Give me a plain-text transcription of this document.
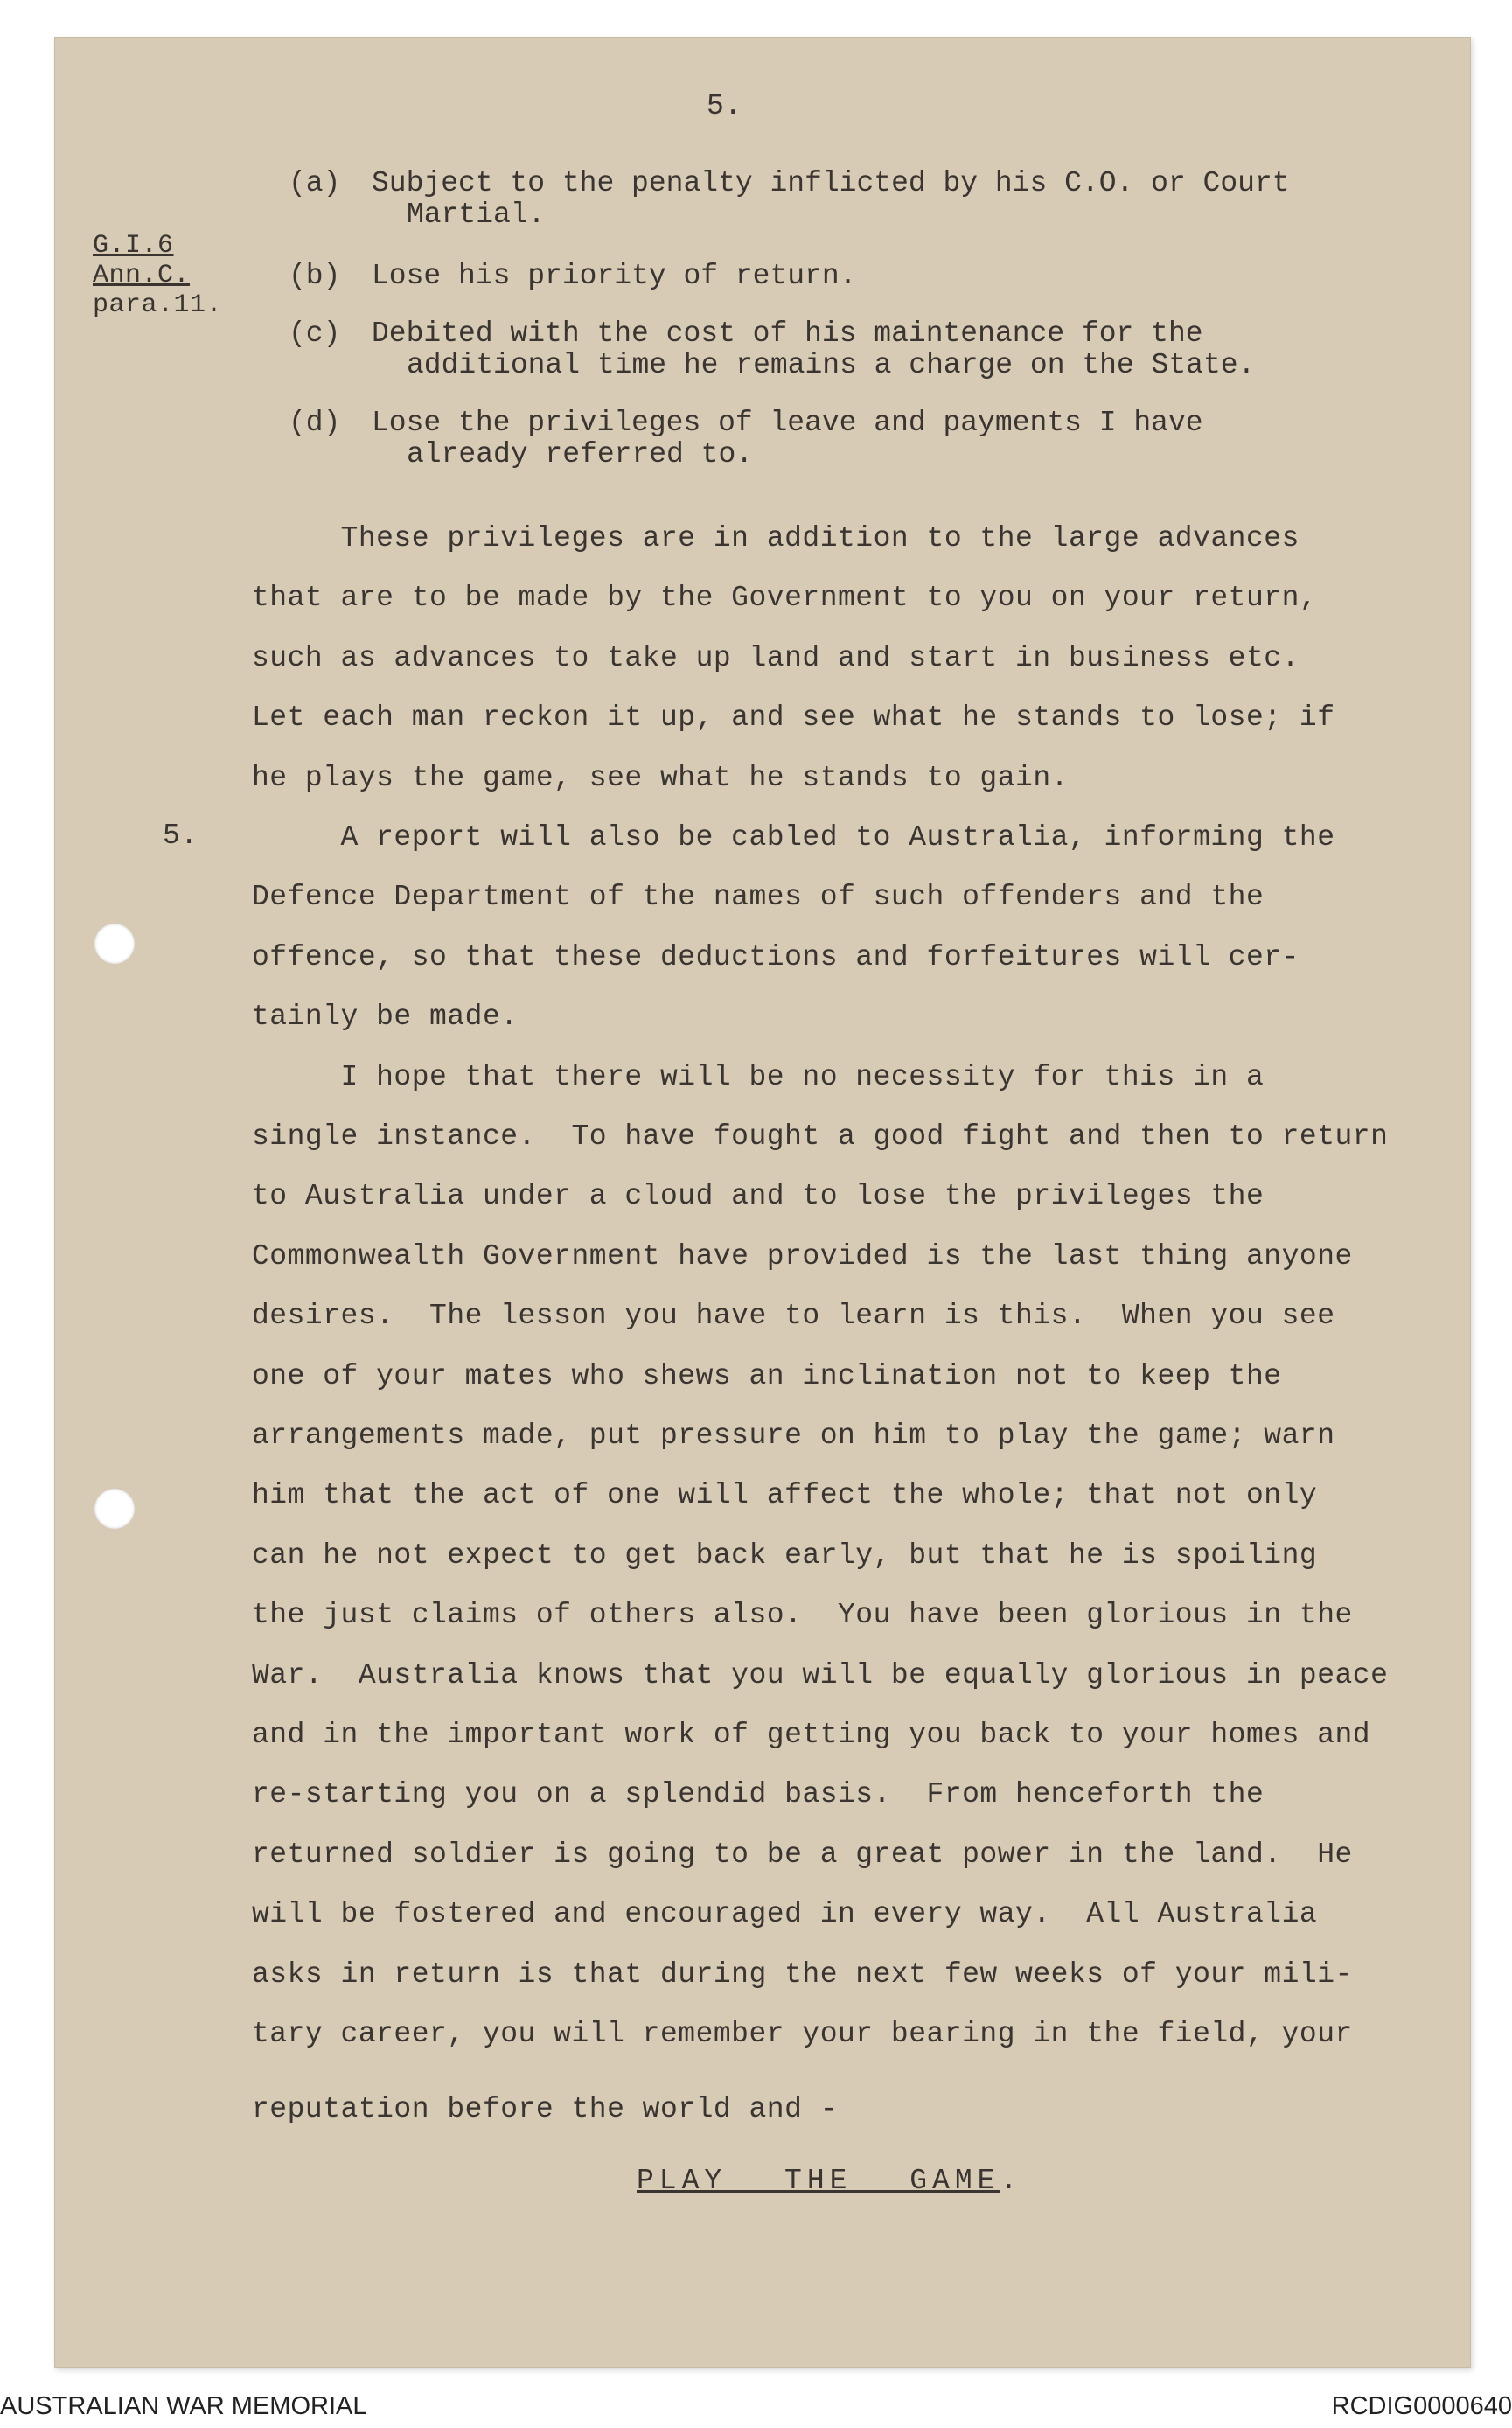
5.
G.I.6
Ann.C.
para.11.
(a) Subject to the penalty inflicted by his C.O. or Court
Martial.
(b) Lose his priority of return.
(c) Debited with the cost of his maintenance for the
additional time he remains a charge on the State.
(d) Lose the privileges of leave and payments I have
already referred to.
5.
These privileges are in addition to the large advances
that are to be made by the Government to you on your return,
such as advances to take up land and start in business etc.
Let each man reckon it up, and see what he stands to lose; if
he plays the game, see what he stands to gain.
A report will also be cabled to Australia, informing the
Defence Department of the names of such offenders and the
offence, so that these deductions and forfeitures will cer-
tainly be made.
I hope that there will be no necessity for this in a
single instance.  To have fought a good fight and then to return
to Australia under a cloud and to lose the privileges the
Commonwealth Government have provided is the last thing anyone
desires.  The lesson you have to learn is this.  When you see
one of your mates who shews an inclination not to keep the
arrangements made, put pressure on him to play the game; warn
him that the act of one will affect the whole; that not only
can he not expect to get back early, but that he is spoiling
the just claims of others also.  You have been glorious in the
War.  Australia knows that you will be equally glorious in peace
and in the important work of getting you back to your homes and
re-starting you on a splendid basis.  From henceforth the
returned soldier is going to be a great power in the land.  He
will be fostered and encouraged in every way.  All Australia
asks in return is that during the next few weeks of your mili-
tary career, you will remember your bearing in the field, your
reputation before the world and -
PLAY THE GAME.
AUSTRALIAN WAR MEMORIAL	RCDIG0000640
